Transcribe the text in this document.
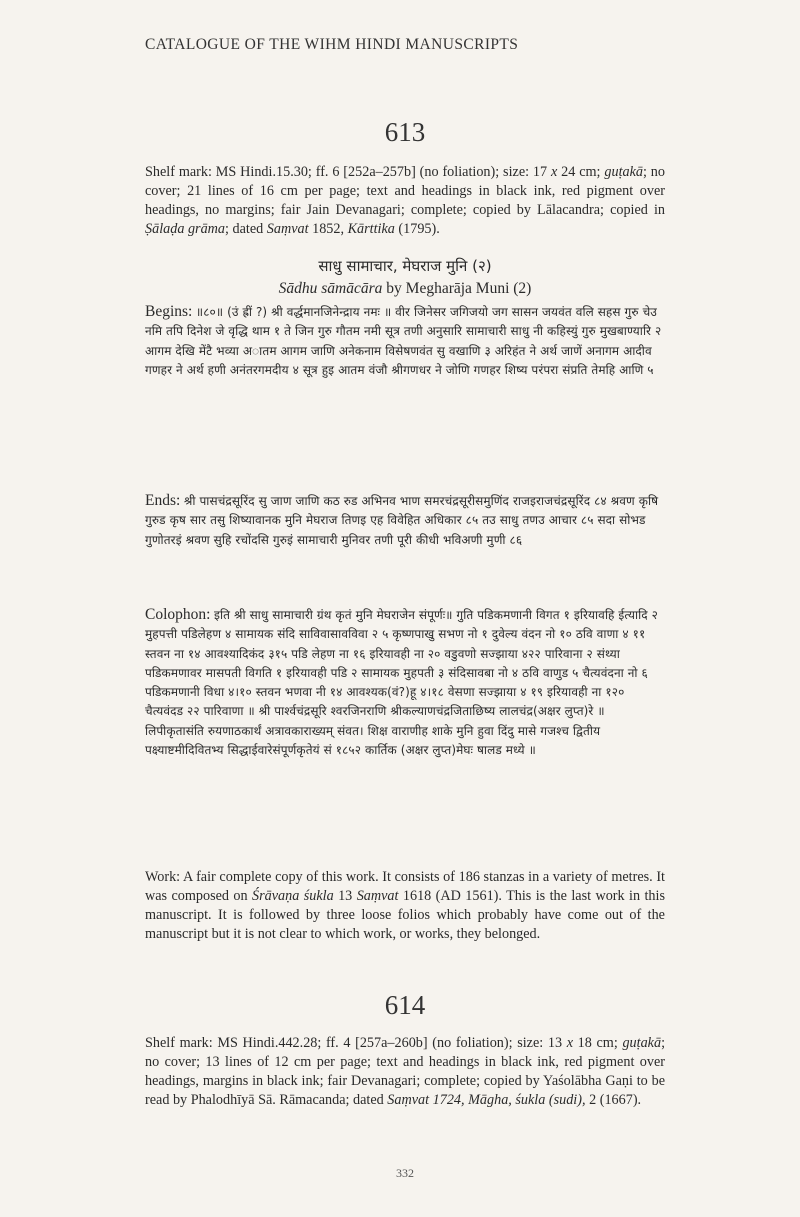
CATALOGUE OF THE WIHM HINDI MANUSCRIPTS
613
Shelf mark: MS Hindi.15.30; ff. 6 [252a–257b] (no foliation); size: 17 x 24 cm; guṭakā; no cover; 21 lines of 16 cm per page; text and headings in black ink, red pigment over headings, no margins; fair Jain Devanagari; complete; copied by Lālacandra; copied in Ṣālaḍa grāma; dated Saṃvat 1852, Kārttika (1795).
साधु सामाचार, मेघराज मुनि (२)
Sādhu sāmācāra by Megharāja Muni (2)
Begins: ॥८०॥ (उं ह्रीं ?) श्री वर्द्धमानजिनेन्द्राय नमः ॥ वीर जिनेसर जगिजयो जग सासन जयवंत वलि सहस गुरु चेउ नमि तपि दिनेश जे वृद्धि थाम १ ते जिन गुरु गौतम नमी सूत्र तणी अनुसारि सामाचारी साधु नी कहिस्युं गुरु मुखबाण्यारि २ आगम देखि मेंटै भव्या अातम आगम जाणि अनेकनाम विसेषणवंत सु वखाणि ३ अरिहंत ने अर्थ जाणें अनागम आदीव गणहर ने अर्थ हणी अनंतरगमदीय ४ सूत्र हुइ आतम वंजौ श्रीगणधर ने जोणि गणहर शिष्य परंपरा संप्रति तेमहि आणि ५
Ends: श्री पासचंद्रसूरिंद सु जाण जाणि कठ रुड अभिनव भाण समरचंद्रसूरीसमुणिंद राजइराजचंद्रसूरिंद ८४ श्रवण कृषि गुरुड कृष सार तसु शिष्यावानक मुनि मेघराज तिणइ एह विवेहित अधिकार ८५ तउ साधु तणउ आचार ८५ सदा सोभड गुणोतरइं श्रवण सुहि रचोंदसि गुरुइं सामाचारी मुनिवर तणी पूरी कीधी भविअणी मुणी ८६
Colophon: इति श्री साधु सामाचारी ग्रंथ कृतं मुनि मेघराजेन संपूर्णः॥ गुति पडिकमणानी विगत १ इरियावहि ईत्यादि २ मुहपत्ती पडिलेहण ४ सामायक संदि साविवासावविवा २ ५ कृष्णपाखु सभण नो १ दुवेल्य वंदन नो १० ठवि वाणा ४ ११ स्तवन ना १४ आवश्यादिकंद ३१५ पडि लेहण ना १६ इरियावही ना २० वडुवणो सज्झाया ४२२ पारिवाना २ संथ्या पडिकमणावर मासपती विगति १ इरियावही पडि २ सामायक मुहपती ३ संदिसावबा नो ४ ठवि वाणुड ५ चैत्यवंदना नो ६ पडिकमणानी विधा ४।१० स्तवन भणवा नी १४ आवश्यक(वं?)हू ४।१८ वेसणा सज्झाया ४ १९ इरियावही ना १२० चैत्यवंदड २२ पारिवाणा ॥ श्री पार्श्वचंद्रसूरि श्वरजिनराणि श्रीकल्याणचंद्रजिताछिष्य लालचंद्र(अक्षर लुप्त)रे ॥ लिपीकृतासंति रुयणाठकार्थं अत्रावकाराख्यम् संवत। शिक्ष वाराणीह शाके मुनि हुवा दिंदु मासे गजश्च द्वितीय पक्ष्याष्टमीदिवितभ्य सिद्धाईवारेसंपूर्णकृतेयं सं १८५२ कार्तिक (अक्षर लुप्त)मेघः षालड मध्ये ॥
Work: A fair complete copy of this work. It consists of 186 stanzas in a variety of metres. It was composed on Śrāvaṇa śukla 13 Saṃvat 1618 (AD 1561). This is the last work in this manuscript. It is followed by three loose folios which probably have come out of the manuscript but it is not clear to which work, or works, they belonged.
614
Shelf mark: MS Hindi.442.28; ff. 4 [257a–260b] (no foliation); size: 13 x 18 cm; guṭakā; no cover; 13 lines of 12 cm per page; text and headings in black ink, red pigment over headings, margins in black ink; fair Devanagari; complete; copied by Yaśolābha Gaṇi to be read by Phalodhīyā Sā. Rāmacanda; dated Saṃvat 1724, Māgha, śukla (sudi), 2 (1667).
332
